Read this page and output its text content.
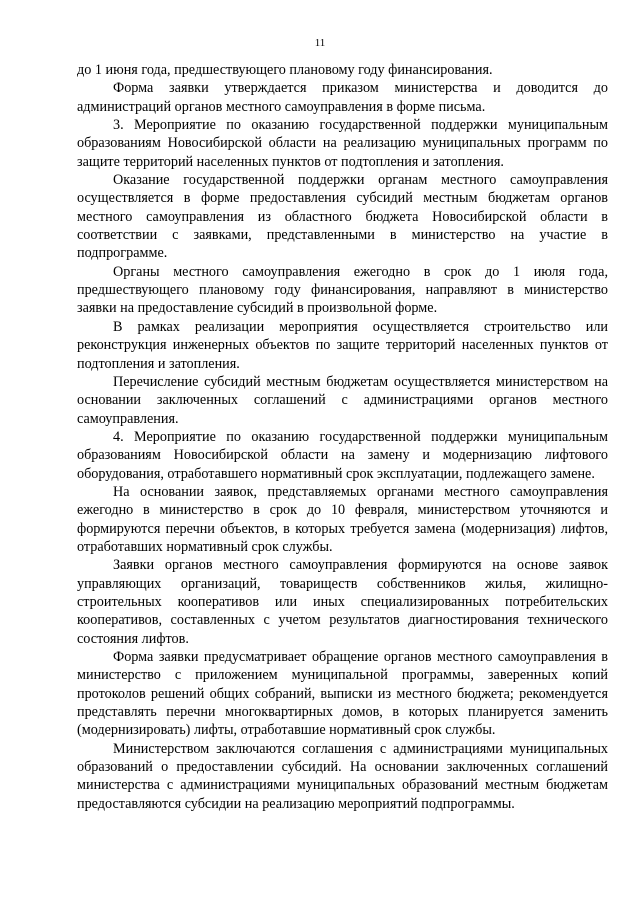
11

до 1 июня года, предшествующего плановому году финансирования.

Форма заявки утверждается приказом министерства и доводится до администраций органов местного самоуправления в форме письма.

3. Мероприятие по оказанию государственной поддержки муниципальным образованиям Новосибирской области на реализацию муниципальных программ по защите территорий населенных пунктов от подтопления и затопления.

Оказание государственной поддержки органам местного самоуправления осуществляется в форме предоставления субсидий местным бюджетам органов местного самоуправления из областного бюджета Новосибирской области в соответствии с заявками, представленными в министерство на участие в подпрограмме.

Органы местного самоуправления ежегодно в срок до 1 июля года, предшествующего плановому году финансирования, направляют в министерство заявки на предоставление субсидий в произвольной форме.

В рамках реализации мероприятия осуществляется строительство или реконструкция инженерных объектов по защите территорий населенных пунктов от подтопления и затопления.

Перечисление субсидий местным бюджетам осуществляется министерством на основании заключенных соглашений с администрациями органов местного самоуправления.

4. Мероприятие по оказанию государственной поддержки муниципальным образованиям Новосибирской области на замену и модернизацию лифтового оборудования, отработавшего нормативный срок эксплуатации, подлежащего замене.

На основании заявок, представляемых органами местного самоуправления ежегодно в министерство в срок до 10 февраля, министерством уточняются и формируются перечни объектов, в которых требуется замена (модернизация) лифтов, отработавших нормативный срок службы.

Заявки органов местного самоуправления формируются на основе заявок управляющих организаций, товариществ собственников жилья, жилищно-строительных кооперативов или иных специализированных потребительских кооперативов, составленных с учетом результатов диагностирования технического состояния лифтов.

Форма заявки предусматривает обращение органов местного самоуправления в министерство с приложением муниципальной программы, заверенных копий протоколов решений общих собраний, выписки из местного бюджета; рекомендуется представлять перечни многоквартирных домов, в которых планируется заменить (модернизировать) лифты, отработавшие нормативный срок службы.

Министерством заключаются соглашения с администрациями муниципальных образований о предоставлении субсидий. На основании заключенных соглашений министерства с администрациями муниципальных образований местным бюджетам предоставляются субсидии на реализацию мероприятий подпрограммы.
